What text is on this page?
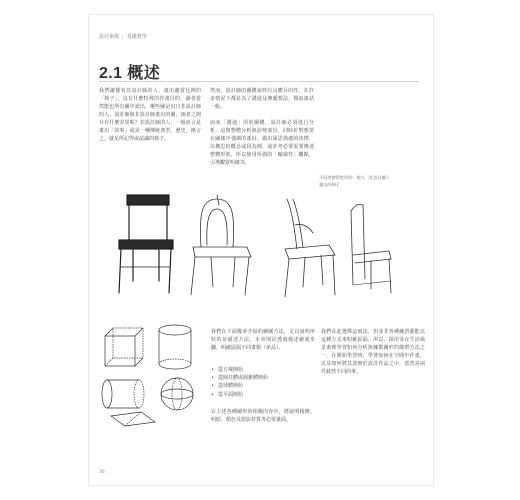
設計素描 | 基礎教學
2.1 概述
我們讓餐名非設計師的人，畫出適當比例的「椅子」，沒有什麼特殊的作畫目的，讀者當然能也所有圖中認出，哪些圖是出自非設計師的人，設計師與非設計師畫出的圖，兩者之間存有什麼差異呢？非設計師的人，一般而言是畫出「故事」或是一種傳統典型，歷史，換言之，就是所記得或認識的椅子。
然而，設計師的圖構說終有具體目的性，在許多情況下都是為了溝通及傳遞想法，類似談話一般。
而來「溝通」用的圖構，設計師必須進行分析，這與整體分析與前勢部份，同時針對想要在圖樣中強調的部份，做出深思熟慮的抉擇，以構思的概念或段為例，或許考必要需要傳達整體形狀，所以使用所謂的「輪廓性」觀點，引導觀眾明確等。
不同者繪得性形的一般人（非設計師）畫出的椅子
我們在下面幾章介紹的繪圖方法，足以說明形狀的並描述方法，本章則是透過描述繪畫步驟，明確區隔不同畫類（產品）。
• 從方塊開始
• 從圓柱體或圓錐體開始
• 從球體開始
• 從平面開始
在上述各種圖形的相關內容中，將說明椅條、明暗、顏色及陰影材質等必要畫面。
我們在此選擇這兩法，但並非各種練習都能以這種方式來明確區隔，所以，探用並在生活風景畫裡學習如何分析與練製圖形的簡單方法之一，在開始學習時，學著如何在空間中作畫，以及如何將其置實於設計作品之中，當然是兩件截然不同的事。
36
